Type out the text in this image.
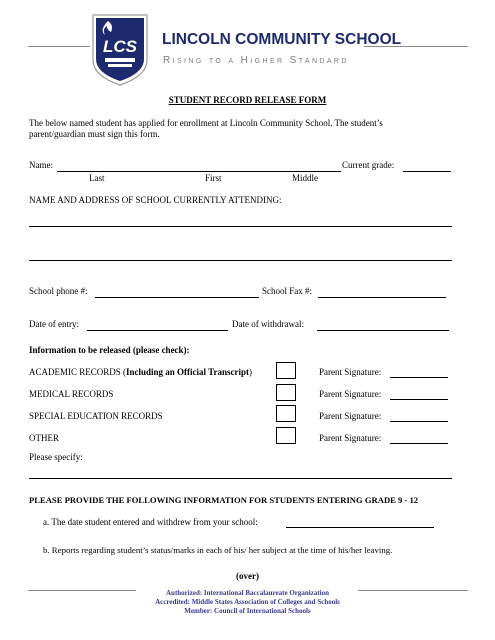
LCS LINCOLN COMMUNITY SCHOOL
Rising to a Higher Standard
STUDENT RECORD RELEASE FORM
The below named student has applied for enrollment at Lincoln Community School. The student’s
parent/guardian must sign this form.
Name:	Current grade:
Last	First	Middle
NAME AND ADDRESS OF SCHOOL CURRENTLY ATTENDING:
School phone #:	School Fax #:
Date of entry:	Date of withdrawal:
Information to be released (please check):
ACADEMIC RECORDS (Including an Official Transcript)	Parent Signature:
MEDICAL RECORDS	Parent Signature:
SPECIAL EDUCATION RECORDS	Parent Signature:
OTHER	Parent Signature:
Please specify:
PLEASE PROVIDE THE FOLLOWING INFORMATION FOR STUDENTS ENTERING GRADE 9 - 12
a. The date student entered and withdrew from your school:
b. Reports regarding student’s status/marks in each of his/ her subject at the time of his/her leaving.
(over)
Authorized: International Baccalaureate Organization
Accredited: Middle States Association of Colleges and Schools
Member: Council of International Schools
